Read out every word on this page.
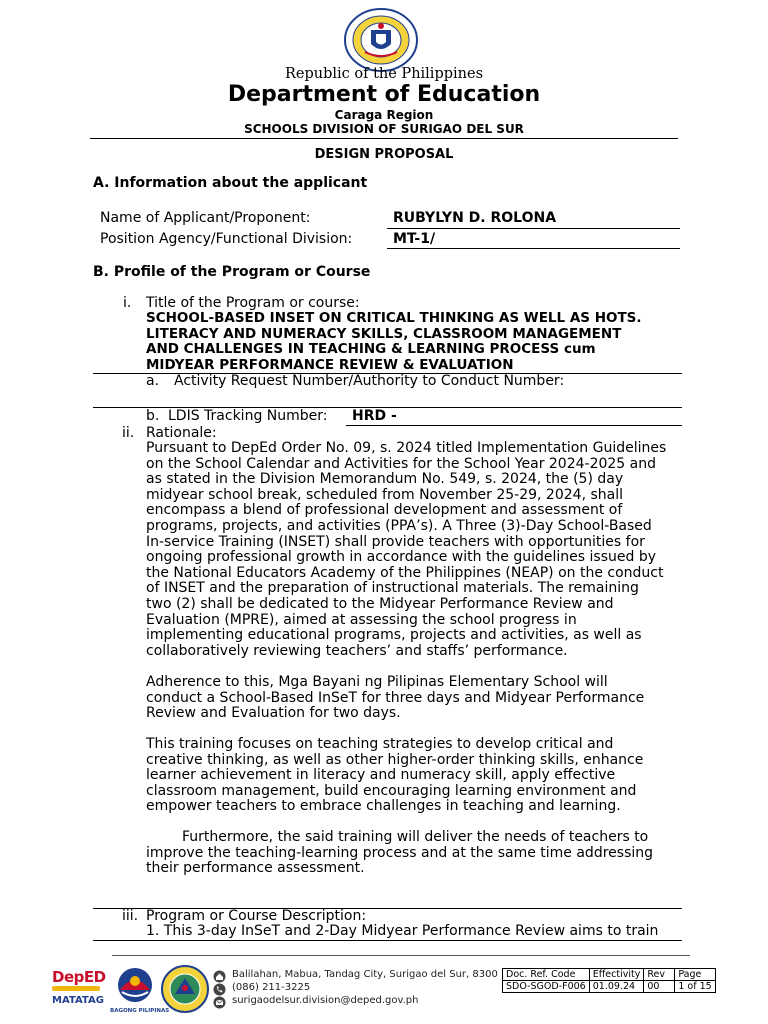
Republic of the Philippines
Department of Education
Caraga Region
SCHOOLS DIVISION OF SURIGAO DEL SUR
DESIGN PROPOSAL
A. Information about the applicant
Name of Applicant/Proponent:	RUBYLYN D. ROLONA
Position Agency/Functional Division:	MT-1/
B. Profile of the Program or Course
i. Title of the Program or course:
SCHOOL-BASED INSET ON CRITICAL THINKING AS WELL AS HOTS.
LITERACY AND NUMERACY SKILLS, CLASSROOM MANAGEMENT
AND CHALLENGES IN TEACHING & LEARNING PROCESS cum
MIDYEAR PERFORMANCE REVIEW & EVALUATION
a. Activity Request Number/Authority to Conduct Number:
b. LDIS Tracking Number: HRD -
ii. Rationale:
Pursuant to DepEd Order No. 09, s. 2024 titled Implementation Guidelines
on the School Calendar and Activities for the School Year 2024-2025 and
as stated in the Division Memorandum No. 549, s. 2024, the (5) day
midyear school break, scheduled from November 25-29, 2024, shall
encompass a blend of professional development and assessment of
programs, projects, and activities (PPA’s). A Three (3)-Day School-Based
In-service Training (INSET) shall provide teachers with opportunities for
ongoing professional growth in accordance with the guidelines issued by
the National Educators Academy of the Philippines (NEAP) on the conduct
of INSET and the preparation of instructional materials. The remaining
two (2) shall be dedicated to the Midyear Performance Review and
Evaluation (MPRE), aimed at assessing the school progress in
implementing educational programs, projects and activities, as well as
collaboratively reviewing teachers’ and staffs’ performance.
Adherence to this, Mga Bayani ng Pilipinas Elementary School will
conduct a School-Based InSeT for three days and Midyear Performance
Review and Evaluation for two days.
This training focuses on teaching strategies to develop critical and
creative thinking, as well as other higher-order thinking skills, enhance
learner achievement in literacy and numeracy skill, apply effective
classroom management, build encouraging learning environment and
empower teachers to embrace challenges in teaching and learning.
Furthermore, the said training will deliver the needs of teachers to
improve the teaching-learning process and at the same time addressing
their performance assessment.
iii. Program or Course Description:
1. This 3-day InSeT and 2-Day Midyear Performance Review aims to train
DepED
MATATAG
BAGONG PILIPINAS
Balilahan, Mabua, Tandag City, Surigao del Sur, 8300
(086) 211-3225
surigaodelsur.division@deped.gov.ph
Doc. Ref. Code	Effectivity	Rev	Page
SDO-SGOD-F006	01.09.24	00	1 of 15
